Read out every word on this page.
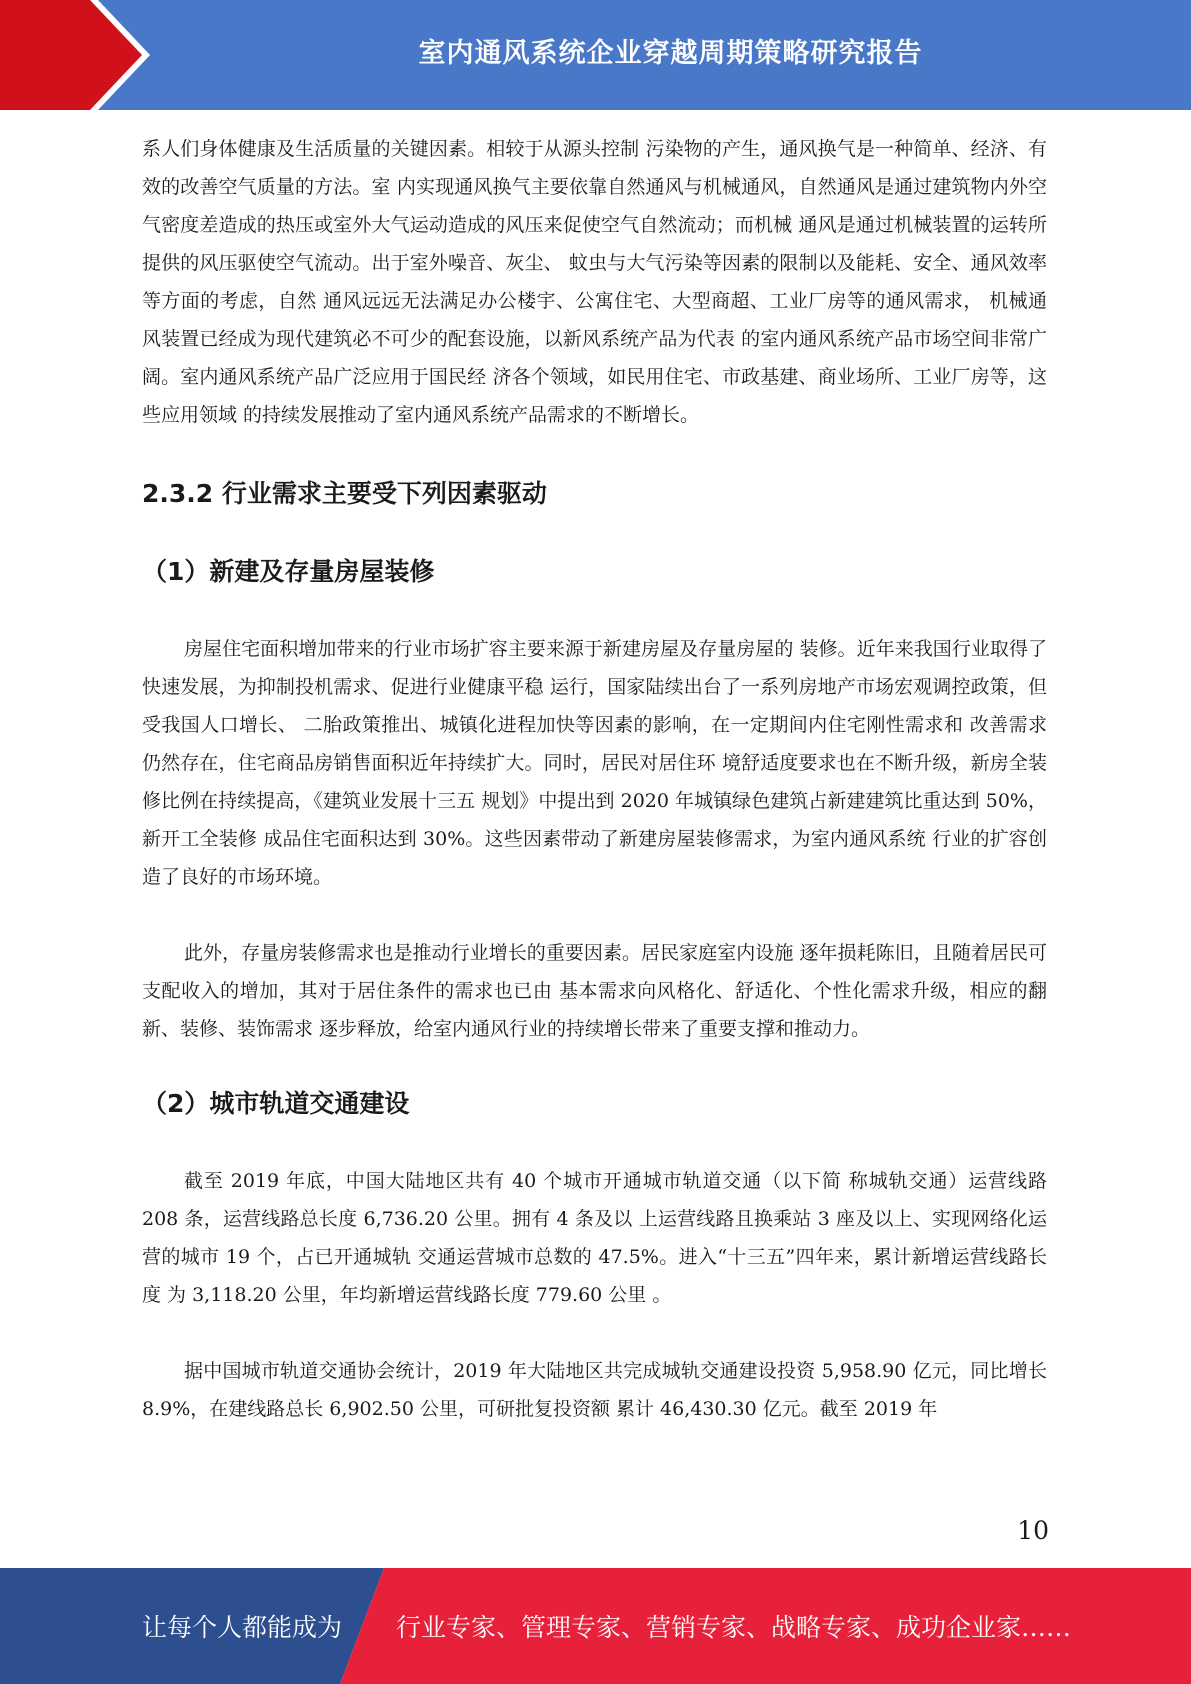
室内通风系统企业穿越周期策略研究报告

系人们身体健康及生活质量的关键因素。相较于从源头控制 污染物的产生，通风换气是一种简单、经济、有效的改善空气质量的方法。室 内实现通风换气主要依靠自然通风与机械通风，自然通风是通过建筑物内外空 气密度差造成的热压或室外大气运动造成的风压来促使空气自然流动；而机械 通风是通过机械装置的运转所提供的风压驱使空气流动。出于室外噪音、灰尘、 蚊虫与大气污染等因素的限制以及能耗、安全、通风效率等方面的考虑，自然 通风远远无法满足办公楼宇、公寓住宅、大型商超、工业厂房等的通风需求， 机械通风装置已经成为现代建筑必不可少的配套设施，以新风系统产品为代表 的室内通风系统产品市场空间非常广阔。室内通风系统产品广泛应用于国民经 济各个领域，如民用住宅、市政基建、商业场所、工业厂房等，这些应用领域 的持续发展推动了室内通风系统产品需求的不断增长。

2.3.2 行业需求主要受下列因素驱动
（1）新建及存量房屋装修

房屋住宅面积增加带来的行业市场扩容主要来源于新建房屋及存量房屋的 装修。近年来我国行业取得了快速发展，为抑制投机需求、促进行业健康平稳 运行，国家陆续出台了一系列房地产市场宏观调控政策，但受我国人口增长、 二胎政策推出、城镇化进程加快等因素的影响，在一定期间内住宅刚性需求和 改善需求仍然存在，住宅商品房销售面积近年持续扩大。同时，居民对居住环 境舒适度要求也在不断升级，新房全装修比例在持续提高，《建筑业发展十三五 规划》中提出到 2020 年城镇绿色建筑占新建建筑比重达到 50%，新开工全装修 成品住宅面积达到 30%。这些因素带动了新建房屋装修需求，为室内通风系统 行业的扩容创造了良好的市场环境。

此外，存量房装修需求也是推动行业增长的重要因素。居民家庭室内设施 逐年损耗陈旧，且随着居民可支配收入的增加，其对于居住条件的需求也已由 基本需求向风格化、舒适化、个性化需求升级，相应的翻新、装修、装饰需求 逐步释放，给室内通风行业的持续增长带来了重要支撑和推动力。

（2）城市轨道交通建设

截至 2019 年底，中国大陆地区共有 40 个城市开通城市轨道交通（以下简 称城轨交通）运营线路 208 条，运营线路总长度 6,736.20 公里。拥有 4 条及以 上运营线路且换乘站 3 座及以上、实现网络化运营的城市 19 个，占已开通城轨 交通运营城市总数的 47.5%。进入“十三五”四年来，累计新增运营线路长度 为 3,118.20 公里，年均新增运营线路长度 779.60 公里 。

据中国城市轨道交通协会统计，2019 年大陆地区共完成城轨交通建设投资 5,958.90 亿元，同比增长 8.9%，在建线路总长 6,902.50 公里，可研批复投资额 累计 46,430.30 亿元。截至 2019 年

10
让每个人都能成为 行业专家、管理专家、营销专家、战略专家、成功企业家……
